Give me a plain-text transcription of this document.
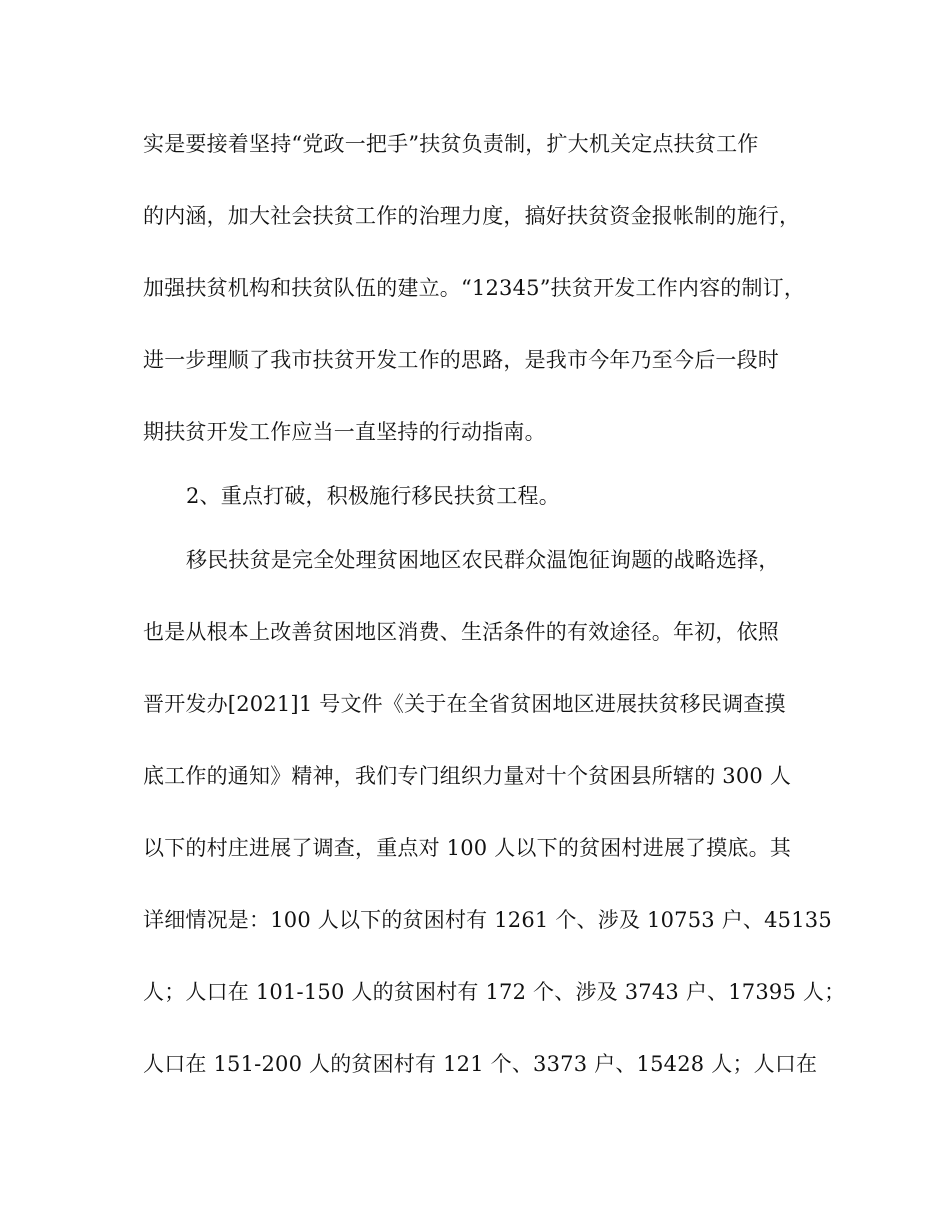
实是要接着坚持“党政一把手”扶贫负责制，扩大机关定点扶贫工作
的内涵，加大社会扶贫工作的治理力度，搞好扶贫资金报帐制的施行，
加强扶贫机构和扶贫队伍的建立。“12345”扶贫开发工作内容的制订，
进一步理顺了我市扶贫开发工作的思路，是我市今年乃至今后一段时
期扶贫开发工作应当一直坚持的行动指南。
2、重点打破，积极施行移民扶贫工程。
移民扶贫是完全处理贫困地区农民群众温饱征询题的战略选择，
也是从根本上改善贫困地区消费、生活条件的有效途径。年初，依照
晋开发办[2021]1 号文件《关于在全省贫困地区进展扶贫移民调查摸
底工作的通知》精神，我们专门组织力量对十个贫困县所辖的 300 人
以下的村庄进展了调查，重点对 100 人以下的贫困村进展了摸底。其
详细情况是：100 人以下的贫困村有 1261 个、涉及 10753 户、45135
人；人口在 101-150 人的贫困村有 172 个、涉及 3743 户、17395 人；
人口在 151-200 人的贫困村有 121 个、3373 户、15428 人；人口在
